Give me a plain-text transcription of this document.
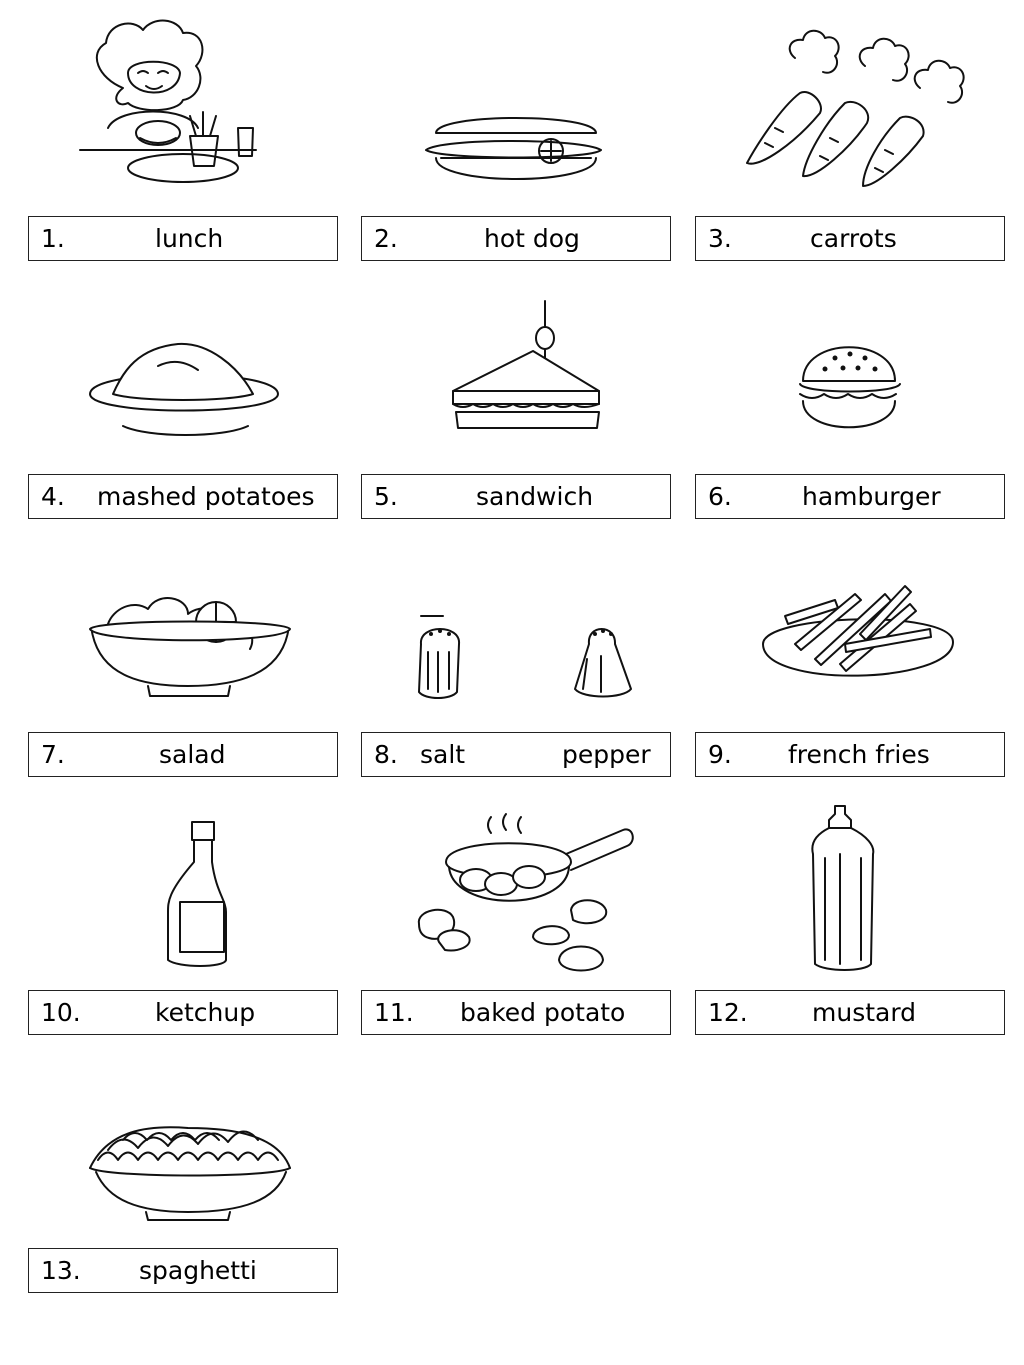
1.	lunch	2.	hot dog	3.	carrots
4. mashed potatoes 5.	sandwich	6.	hamburger
7.	salad	8. salt	pepper 9. french fries
10.	ketchup	11. baked potato	12.	mustard
13. spaghetti
